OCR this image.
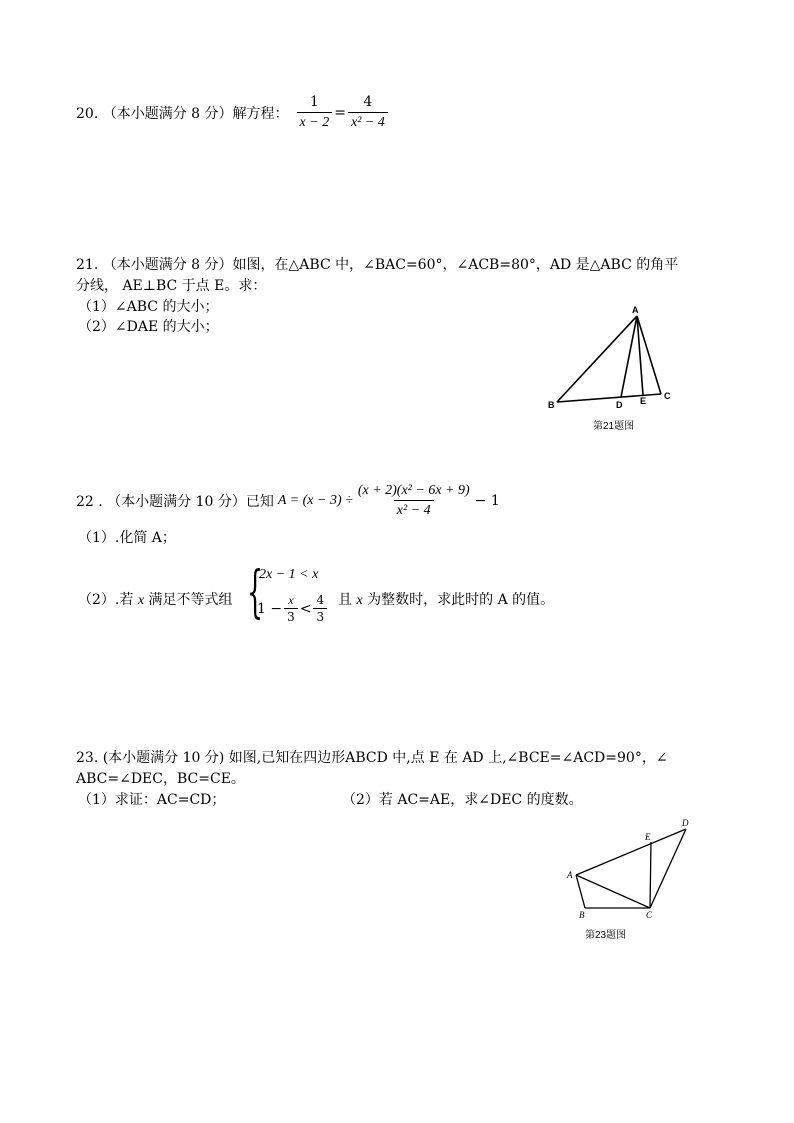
20. （本小题满分 8 分）解方程： $\frac{1}{x - 2} = \frac{4}{\text{x² − 4}}$
21. （本小题满分 8 分）如图，在△ABC 中，∠BAC=60°，∠ACB=80°，AD 是△ABC 的角平
分线， AE⊥BC 于点 E。求：
（1）∠ABC 的大小；
（2）∠DAE 的大小；
A
B
C
D E
第21题图
22 . （本小题满分 10 分）已知 $A = (x - 3) \div \frac{\text{(x + 2)(x² − 6x + 9)}}{\text{x² − 4}} - 1$
（1）.化简 A；
（2）.若 x 满足不等式组 {
2x − 1 < x
$1 - \frac{x}{3} < \frac{4}{3}$ 且 x 为整数时，求此时的 A 的值。
23. (本小题满分 10 分) 如图,已知在四边形ABCD 中,点 E 在 AD 上,∠BCE=∠ACD=90°，∠
ABC=∠DEC，BC=CE。
（1）求证：AC=CD；	（2）若 AC=AE，求∠DEC 的度数。
A
B	C
D
E
第23题图
